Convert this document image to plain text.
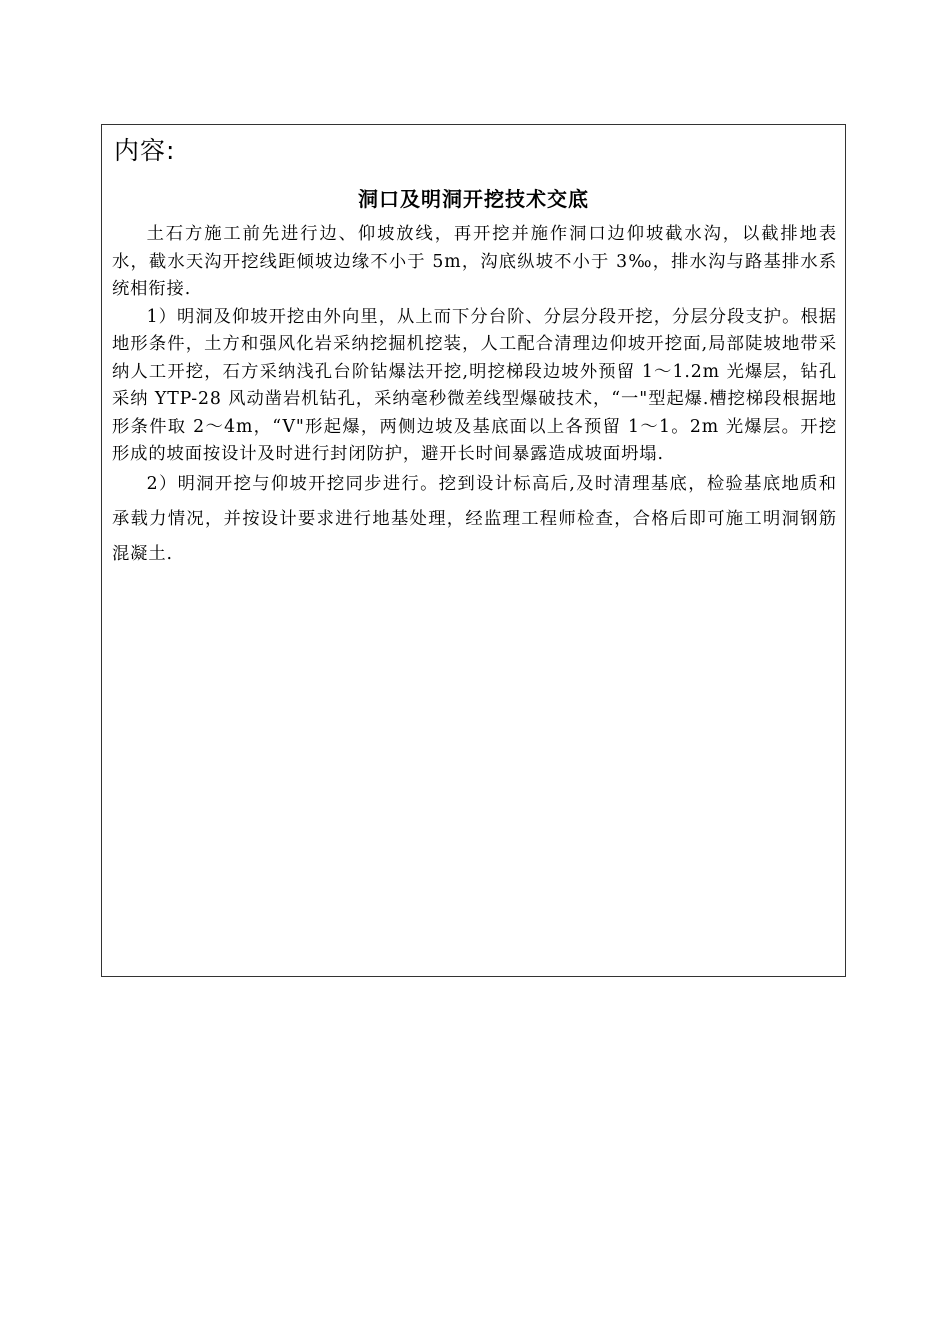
内容:
洞口及明洞开挖技术交底

土石方施工前先进行边、仰坡放线，再开挖并施作洞口边仰坡截水沟，以截排地表水，截水天沟开挖线距倾坡边缘不小于 5m，沟底纵坡不小于 3‰，排水沟与路基排水系统相衔接.

1）明洞及仰坡开挖由外向里，从上而下分台阶、分层分段开挖，分层分段支护。根据地形条件，土方和强风化岩采纳挖掘机挖装，人工配合清理边仰坡开挖面,局部陡坡地带采纳人工开挖，石方采纳浅孔台阶钻爆法开挖,明挖梯段边坡外预留 1～1.2m 光爆层，钻孔采纳 YTP-28 风动凿岩机钻孔，采纳毫秒微差线型爆破技术，“一"型起爆.槽挖梯段根据地形条件取 2～4m，“V"形起爆，两侧边坡及基底面以上各预留 1～1。2m 光爆层。开挖形成的坡面按设计及时进行封闭防护，避开长时间暴露造成坡面坍塌.

2）明洞开挖与仰坡开挖同步进行。挖到设计标高后,及时清理基底，检验基底地质和承载力情况，并按设计要求进行地基处理，经监理工程师检查，合格后即可施工明洞钢筋混凝土.
